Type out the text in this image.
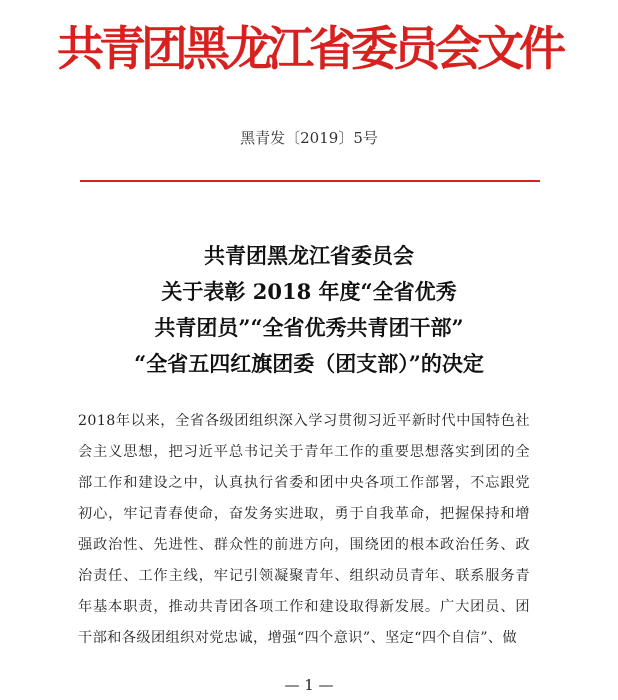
共青团黑龙江省委员会文件
黑青发〔2019〕5号
共青团黑龙江省委员会
关于表彰 2018 年度“全省优秀
共青团员”“全省优秀共青团干部”
“全省五四红旗团委（团支部）”的决定
2018年以来，全省各级团组织深入学习贯彻习近平新时代中国特色社会主义思想，把习近平总书记关于青年工作的重要思想落实到团的全部工作和建设之中，认真执行省委和团中央各项工作部署，不忘跟党初心，牢记青春使命，奋发务实进取，勇于自我革命，把握保持和增强政治性、先进性、群众性的前进方向，围绕团的根本政治任务、政治责任、工作主线，牢记引领凝聚青年、组织动员青年、联系服务青年基本职责，推动共青团各项工作和建设取得新发展。广大团员、团干部和各级团组织对党忠诚，增强“四个意识”、坚定“四个自信”、做
— 1 —
